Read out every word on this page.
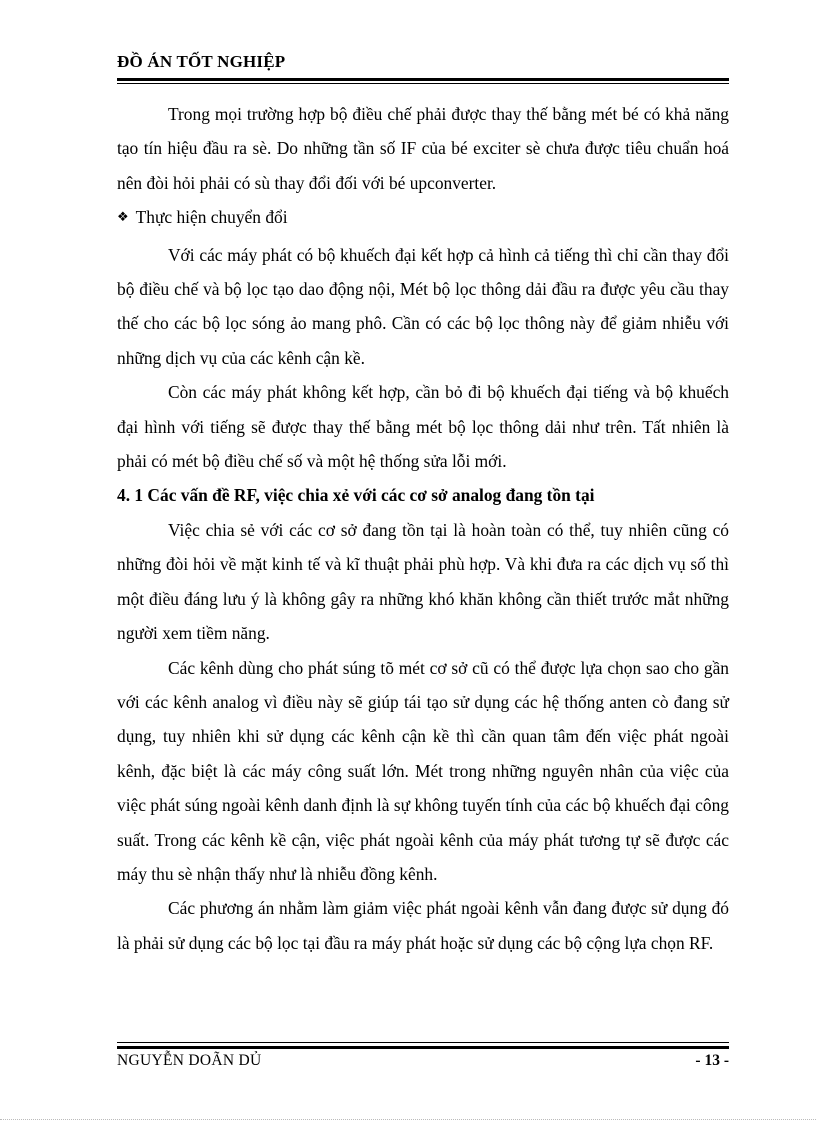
ĐỒ ÁN TỐT NGHIỆP

Trong mọi trường hợp bộ điều chế phải được thay thế bằng mét bé có khả năng tạo tín hiệu đầu ra sè. Do những tần số IF của bé exciter sè chưa được tiêu chuẩn hoá nên đòi hỏi phải có sù thay đổi đối với bé upconverter.

❖ Thực hiện chuyển đổi

Với các máy phát có bộ khuếch đại kết hợp cả hình cả tiếng thì chỉ cần thay đổi bộ điều chế và bộ lọc tạo dao động nội, Mét bộ lọc thông dải đầu ra được yêu cầu thay thế cho các bộ lọc sóng ảo mang phô. Cần có các bộ lọc thông này để giảm nhiễu với những dịch vụ của các kênh cận kề.

Còn các máy phát không kết hợp, cần bỏ đi bộ khuếch đại tiếng và bộ khuếch đại hình với tiếng sẽ được thay thế bằng mét bộ lọc thông dải như trên. Tất nhiên là phải có mét bộ điều chế số và một hệ thống sửa lỗi mới.

4. 1 Các vấn đề RF, việc chia xẻ với các cơ sở analog đang tồn tại

Việc chia sẻ với các cơ sở đang tồn tại là hoàn toàn có thể, tuy nhiên cũng có những đòi hỏi về mặt kinh tế và kĩ thuật phải phù hợp. Và khi đưa ra các dịch vụ số thì một điều đáng lưu ý là không gây ra những khó khăn không cần thiết trước mắt những người xem tiềm năng.

Các kênh dùng cho phát súng tõ mét cơ sở cũ có thể được lựa chọn sao cho gần với các kênh analog vì điều này sẽ giúp tái tạo sử dụng các hệ thống anten cò đang sử dụng, tuy nhiên khi sử dụng các kênh cận kề thì cần quan tâm đến việc phát ngoài kênh, đặc biệt là các máy công suất lớn. Mét trong những nguyên nhân của việc của việc phát súng ngoài kênh danh định là sự không tuyến tính của các bộ khuếch đại công suất. Trong các kênh kề cận, việc phát ngoài kênh của máy phát tương tự sẽ được các máy thu sè nhận thấy như là nhiễu đồng kênh.

Các phương án nhằm làm giảm việc phát ngoài kênh vẫn đang được sử dụng đó là phải sử dụng các bộ lọc tại đầu ra máy phát hoặc sử dụng các bộ cộng lựa chọn RF.

NGUYỄN DOÃN DỦ	- 13 -
